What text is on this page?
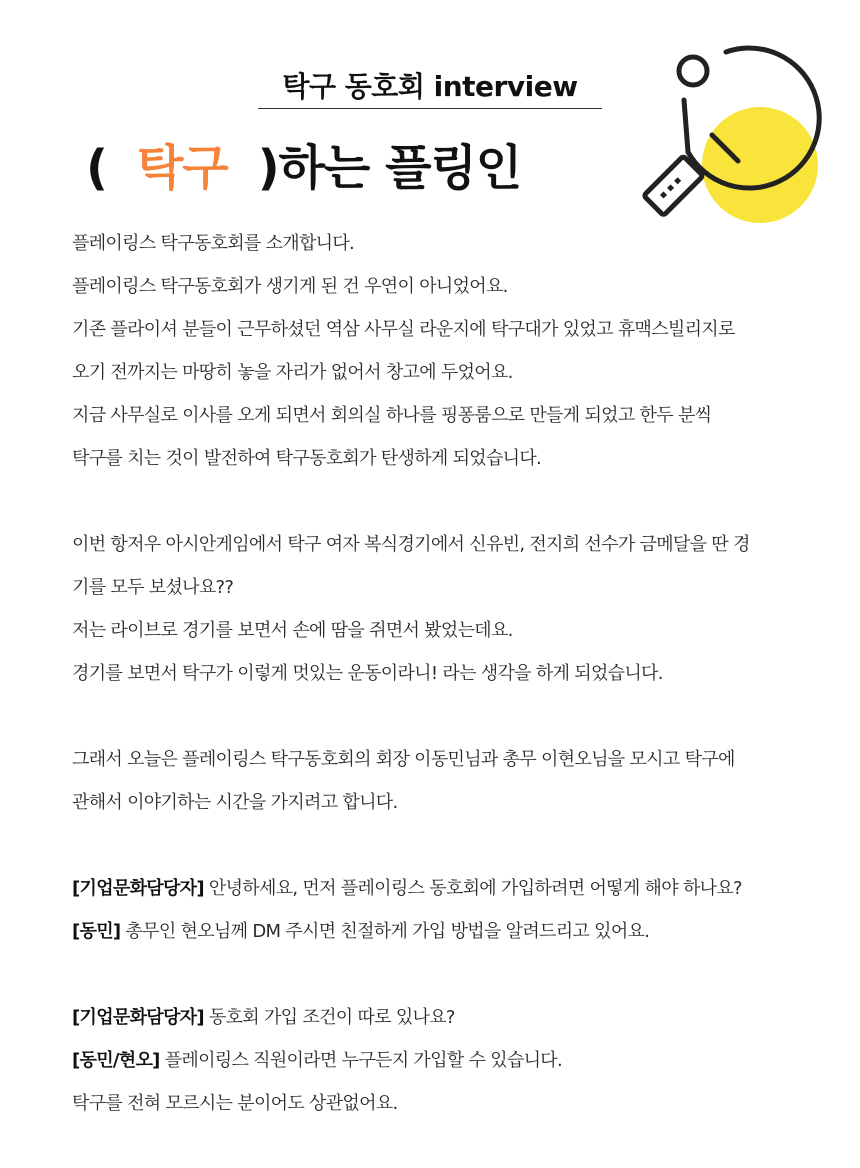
탁구 동호회 interview
( 탁구 )하는 플링인

플레이링스 탁구동호회를 소개합니다.

플레이링스 탁구동호회가 생기게 된 건 우연이 아니었어요.

기존 플라이셔 분들이 근무하셨던 역삼 사무실 라운지에 탁구대가 있었고 휴맥스빌리지로

오기 전까지는 마땅히 놓을 자리가 없어서 창고에 두었어요.

지금 사무실로 이사를 오게 되면서 회의실 하나를 핑퐁룸으로 만들게 되었고 한두 분씩

탁구를 치는 것이 발전하여 탁구동호회가 탄생하게 되었습니다.

이번 항저우 아시안게임에서 탁구 여자 복식경기에서 신유빈, 전지희 선수가 금메달을 딴 경

기를 모두 보셨나요??

저는 라이브로 경기를 보면서 손에 땀을 쥐면서 봤었는데요.

경기를 보면서 탁구가 이렇게 멋있는 운동이라니! 라는 생각을 하게 되었습니다.

그래서 오늘은 플레이링스 탁구동호회의 회장 이동민님과 총무 이현오님을 모시고 탁구에

관해서 이야기하는 시간을 가지려고 합니다.

[기업문화담당자] 안녕하세요, 먼저 플레이링스 동호회에 가입하려면 어떻게 해야 하나요?

[동민] 총무인 현오님께 DM 주시면 친절하게 가입 방법을 알려드리고 있어요.

[기업문화담당자] 동호회 가입 조건이 따로 있나요?

[동민/현오] 플레이링스 직원이라면 누구든지 가입할 수 있습니다.

탁구를 전혀 모르시는 분이어도 상관없어요.
